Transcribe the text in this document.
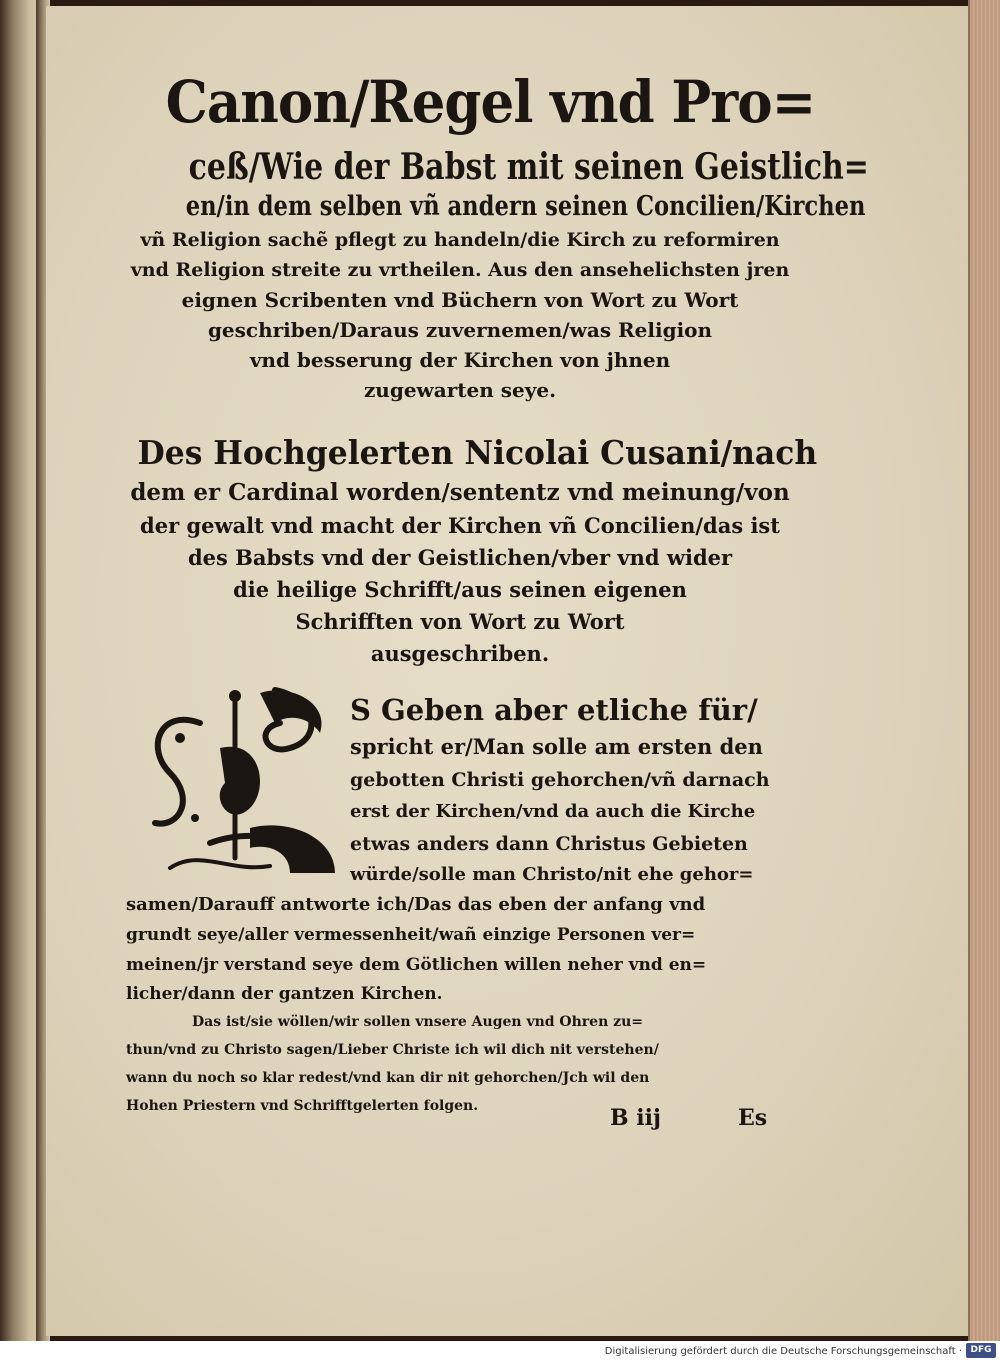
Canon/Regel vnd Pro=
ceß/Wie der Babst mit seinen Geistlich=
en/in dem selben vñ andern seinen Concilien/Kirchen
vñ Religion sachẽ pflegt zu handeln/die Kirch zu reformiren
vnd Religion streite zu vrtheilen. Aus den ansehelichsten jren
eignen Scribenten vnd Büchern von Wort zu Wort
geschriben/Daraus zuvernemen/was Religion
vnd besserung der Kirchen von jhnen
zugewarten seye.
Des Hochgelerten Nicolai Cusani/nach
dem er Cardinal worden/sententz vnd meinung/von
der gewalt vnd macht der Kirchen vñ Concilien/das ist
des Babsts vnd der Geistlichen/vber vnd wider
die heilige Schrifft/aus seinen eigenen
Schrifften von Wort zu Wort
ausgeschriben.
S Geben aber etliche für/
spricht er/Man solle am ersten den
gebotten Christi gehorchen/vñ darnach
erst der Kirchen/vnd da auch die Kirche
etwas anders dann Christus Gebieten
würde/solle man Christo/nit ehe gehor=
samen/Darauff antworte ich/Das das eben der anfang vnd
grundt seye/aller vermessenheit/wañ einzige Personen ver=
meinen/jr verstand seye dem Götlichen willen neher vnd en=
licher/dann der gantzen Kirchen.
Das ist/sie wöllen/wir sollen vnsere Augen vnd Ohren zu=
thun/vnd zu Christo sagen/Lieber Christe ich wil dich nit verstehen/
wann du noch so klar redest/vnd kan dir nit gehorchen/Jch wil den
Hohen Priestern vnd Schrifftgelerten folgen.	B iij	Es
Digitalisierung gefördert durch die Deutsche Forschungsgemeinschaft · DFG
